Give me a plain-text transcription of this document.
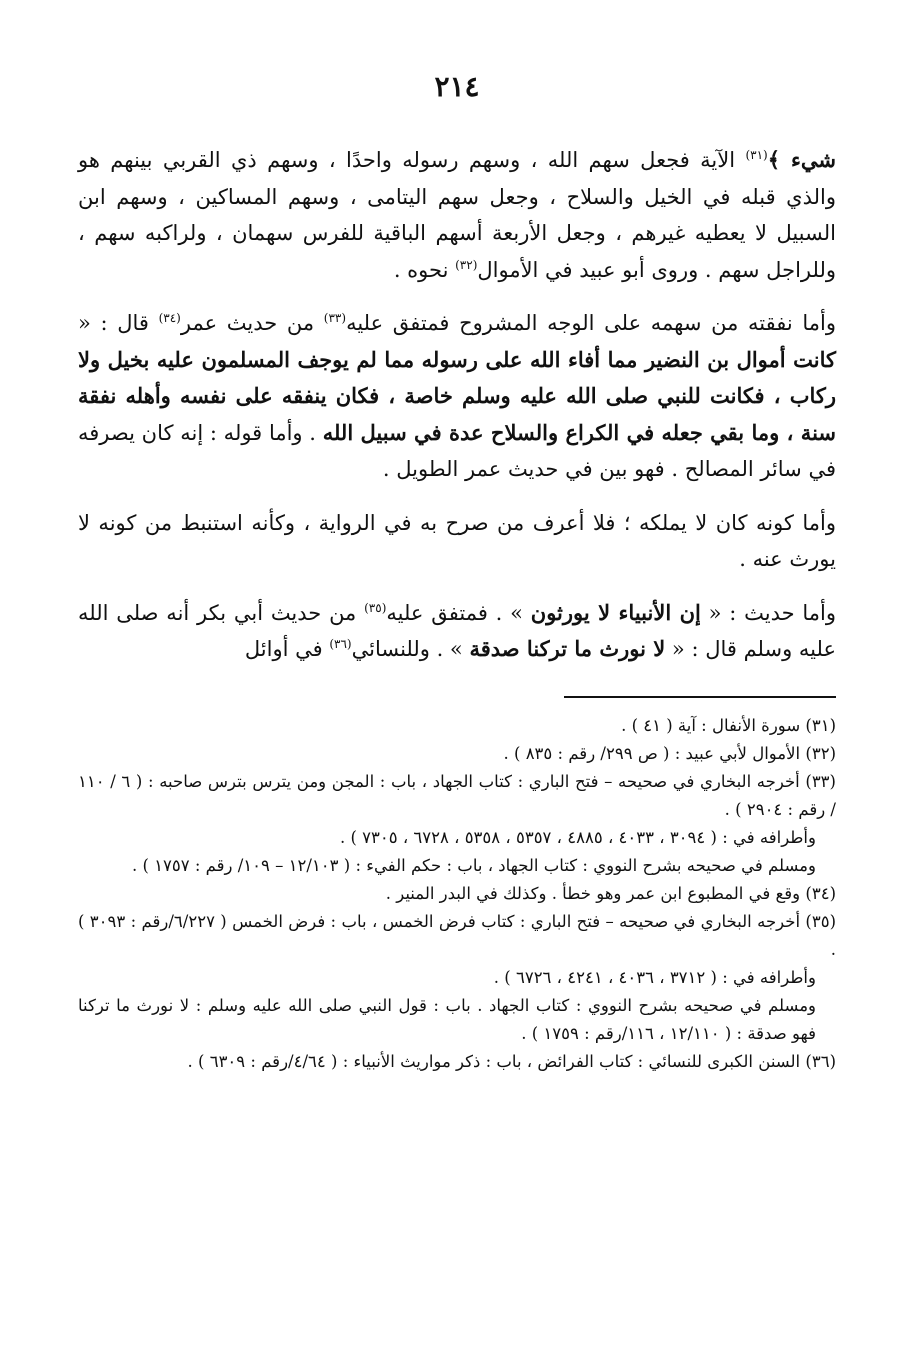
٢١٤

شيء ﴾$^{(٣١)}$ الآية فجعل سهم الله ، وسهم رسوله واحدًا ، وسهم ذي القربي بينهم هو والذي قبله في الخيل والسلاح ، وجعل سهم اليتامى ، وسهم المساكين ، وسهم ابن السبيل لا يعطيه غيرهم ، وجعل الأربعة أسهم الباقية للفرس سهمان ، ولراكبه سهم ، وللراجل سهم . وروى أبو عبيد في الأموال$^{(٣٢)}$ نحوه .

وأما نفقته من سهمه على الوجه المشروح فمتفق عليه$^{(٣٣)}$ من حديث عمر$^{(٣٤)}$ قال : « كانت أموال بن النضير مما أفاء الله على رسوله مما لم يوجف المسلمون عليه بخيل ولا ركاب ، فكانت للنبي صلى الله عليه وسلم خاصة ، فكان ينفقه على نفسه وأهله نفقة سنة ، وما بقي جعله في الكراع والسلاح عدة في سبيل الله . وأما قوله : إنه كان يصرفه في سائر المصالح . فهو بين في حديث عمر الطويل .

وأما كونه كان لا يملكه ؛ فلا أعرف من صرح به في الرواية ، وكأنه استنبط من كونه لا يورث عنه .

وأما حديث : « إن الأنبياء لا يورثون » . فمتفق عليه$^{(٣٥)}$ من حديث أبي بكر أنه صلى الله عليه وسلم قال : « لا نورث ما تركنا صدقة » . وللنسائي$^{(٣٦)}$ في أوائل

(٣١) سورة الأنفال : آية ( ٤١ ) .

(٣٢) الأموال لأبي عبيد : ( ص ٢٩٩/ رقم : ٨٣٥ ) .

(٣٣) أخرجه البخاري في صحيحه – فتح الباري : كتاب الجهاد ، باب : المجن ومن يترس بترس صاحبه : ( ٦ / ١١٠ / رقم : ٢٩٠٤ ) .

وأطرافه في : ( ٣٠٩٤ ، ٤٠٣٣ ، ٤٨٨٥ ، ٥٣٥٧ ، ٥٣٥٨ ، ٦٧٢٨ ، ٧٣٠٥ ) .

ومسلم في صحيحه بشرح النووي : كتاب الجهاد ، باب : حكم الفيء : ( ١٢/١٠٣ – ١٠٩/ رقم : ١٧٥٧ ) .

(٣٤) وقع في المطبوع ابن عمر وهو خطأ . وكذلك في البدر المنير .

(٣٥) أخرجه البخاري في صحيحه – فتح الباري : كتاب فرض الخمس ، باب : فرض الخمس ( ٦/٢٢٧/رقم : ٣٠٩٣ ) .

وأطرافه في : ( ٣٧١٢ ، ٤٠٣٦ ، ٤٢٤١ ، ٦٧٢٦ ) .

ومسلم في صحيحه بشرح النووي : كتاب الجهاد . باب : قول النبي صلى الله عليه وسلم : لا نورث ما تركنا فهو صدقة : ( ١٢/١١٠ ، ١١٦/رقم : ١٧٥٩ ) .

(٣٦) السنن الكبرى للنسائي : كتاب الفرائض ، باب : ذكر مواريث الأنبياء : ( ٤/٦٤/رقم : ٦٣٠٩ ) .
